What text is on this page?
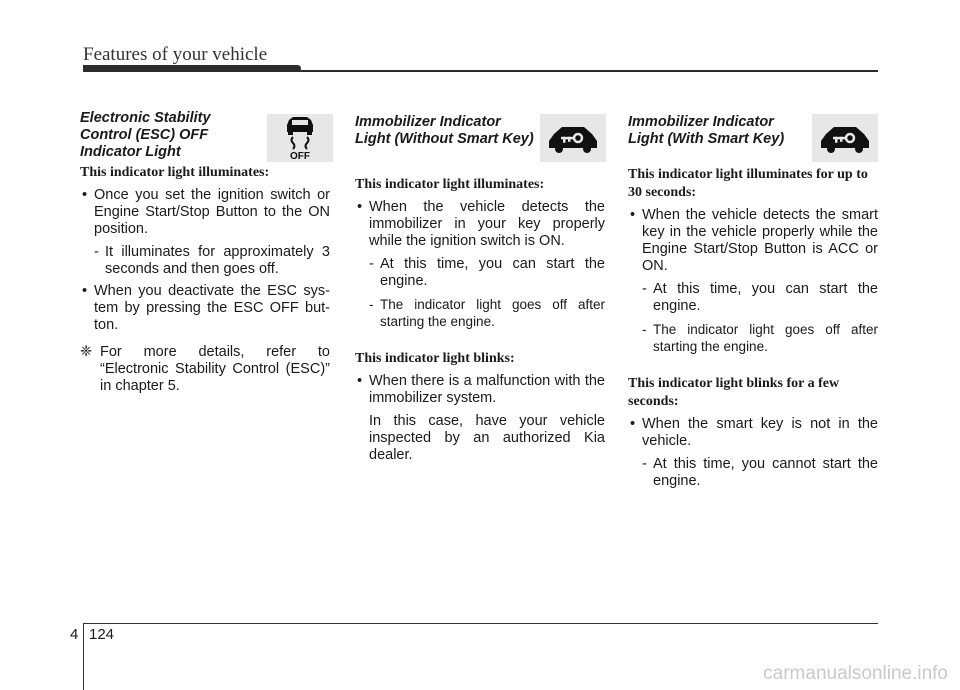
Features of your vehicle

Electronic Stability
Control (ESC) OFF
Indicator Light	OFF

This indicator light illuminates:

• Once you set the ignition switch or Engine Start/Stop Button to the ON position.

- It illuminates for approximately 3 seconds and then goes off.

• When you deactivate the ESC sys-tem by pressing the ESC OFF but-ton.

❈ For more details, refer to “Electronic Stability Control (ESC)” in chapter 5.

Immobilizer Indicator
Light (Without Smart Key)

This indicator light illuminates:

• When the vehicle detects the immobilizer in your key properly while the ignition switch is ON.

- At this time, you can start the engine.

- The indicator light goes off after starting the engine.

This indicator light blinks:

• When there is a malfunction with the immobilizer system.

In this case, have your vehicle inspected by an authorized Kia dealer.

Immobilizer Indicator
Light (With Smart Key)

This indicator light illuminates for up to 30 seconds:

• When the vehicle detects the smart key in the vehicle properly while the Engine Start/Stop Button is ACC or ON.

- At this time, you can start the engine.

- The indicator light goes off after starting the engine.

This indicator light blinks for a few seconds:

• When the smart key is not in the vehicle.

- At this time, you cannot start the engine.

4 124
carmanualsonline.info
